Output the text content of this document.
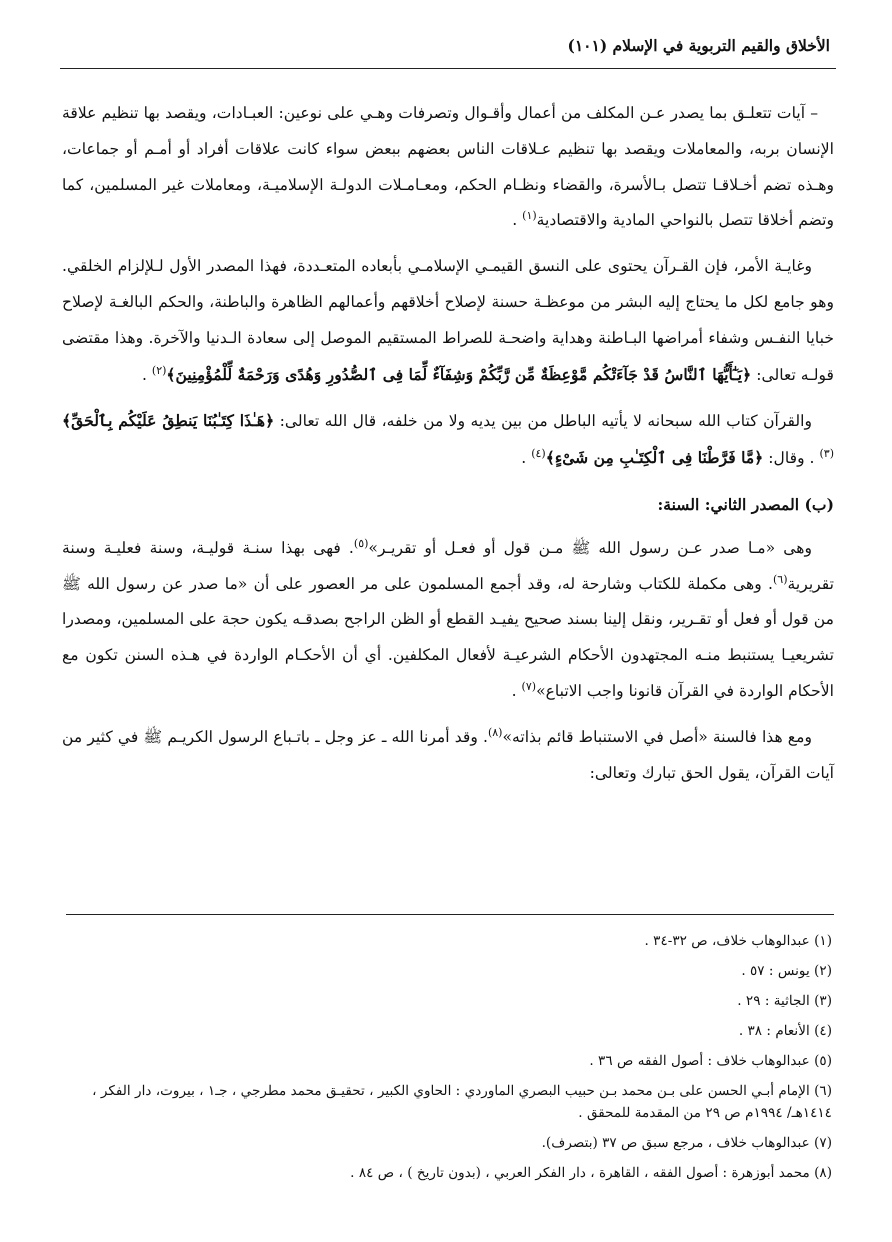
الأخلاق والقيم التربوية في الإسلام (١٠١)

– آيات تتعلـق بما يصدر عـن المكلف من أعمال وأقـوال وتصرفات وهـي على نوعين: العبـادات، ويقصد بها تنظيم علاقة الإنسان بربه، والمعاملات ويقصد بها تنظيم عـلاقات الناس بعضهم ببعض سواء كانت علاقات أفراد أو أمـم أو جماعات، وهـذه تضم أخـلاقـا تتصل بـالأسرة، والقضاء ونظـام الحكم، ومعـامـلات الدولـة الإسلاميـة، ومعاملات غير المسلمين، كما وتضم أخلاقا تتصل بالنواحي المادية والاقتصادية$^{(١)}$ .

وغايـة الأمر، فإن القـرآن يحتوى على النسق القيمـي الإسلامـي بأبعاده المتعـددة، فهذا المصدر الأول لـلإلزام الخلقي. وهو جامع لكل ما يحتاج إليه البشر من موعظـة حسنة لإصلاح أخلاقهم وأعمالهم الظاهرة والباطنة، والحكم البالغـة لإصلاح خبايا النفـس وشفاء أمراضها البـاطنة وهداية واضحـة للصراط المستقيم الموصل إلى سعادة الـدنيا والآخرة. وهذا مقتضى قولـه تعالى: ﴿يَـٰٓأَيُّهَا ٱلنَّاسُ قَدْ جَآءَتْكُم مَّوْعِظَةٌ مِّن رَّبِّكُمْ وَشِفَآءٌ لِّمَا فِى ٱلصُّدُورِ وَهُدًى وَرَحْمَةٌ لِّلْمُؤْمِنِينَ﴾$^{(٢)}$ .

والقرآن كتاب الله سبحانه لا يأتيه الباطل من بين يديه ولا من خلفه، قال الله تعالى: ﴿هَـٰذَا كِتَـٰبُنَا يَنطِقُ عَلَيْكُم بِٱلْحَقِّ﴾$^{(٣)}$ . وقال: ﴿مَّا فَرَّطْنَا فِى ٱلْكِتَـٰبِ مِن شَىْءٍ﴾$^{(٤)}$ .

(ب) المصدر الثاني: السنة:

وهى «مـا صدر عـن رسول الله ﷺ مـن قول أو فعـل أو تقريـر»$^{(٥)}$. فهى بهذا سنـة قوليـة، وسنة فعليـة وسنة تقريرية$^{(٦)}$. وهى مكملة للكتاب وشارحة له، وقد أجمع المسلمون على مر العصور على أن «ما صدر عن رسول الله ﷺ من قول أو فعل أو تقـرير، ونقل إلينا بسند صحيح يفيـد القطع أو الظن الراجح بصدقـه يكون حجة على المسلمين، ومصدرا تشريعيـا يستنبط منـه المجتهدون الأحكام الشرعيـة لأفعال المكلفين. أي أن الأحكـام الواردة في هـذه السنن تكون مع الأحكام الواردة في القرآن قانونا واجب الاتباع»$^{(٧)}$ .

ومع هذا فالسنة «أصل في الاستنباط قائم بذاته»$^{(٨)}$. وقد أمرنا الله ـ عز وجل ـ باتـباع الرسول الكريـم ﷺ في كثير من آيات القرآن، يقول الحق تبارك وتعالى:

(١) عبدالوهاب خلاف، ص ٣٢-٣٤ .
(٢) يونس : ٥٧ .
(٣) الجاثية : ٢٩ .
(٤) الأنعام : ٣٨ .
(٥) عبدالوهاب خلاف : أصول الفقه ص ٣٦ .
(٦) الإمام أبـي الحسن على بـن محمد بـن حبيب البصري الماوردي : الحاوي الكبير ، تحقيـق محمد مطرجي ، جـ١ ، بيروت، دار الفكر ، ١٤١٤هـ/ ١٩٩٤م ص ٢٩ من المقدمة للمحقق .
(٧) عبدالوهاب خلاف ، مرجع سبق ص ٣٧ (بتصرف).
(٨) محمد أبوزهرة : أصول الفقه ، القاهرة ، دار الفكر العربي ، (بدون تاريخ ) ، ص ٨٤ .
